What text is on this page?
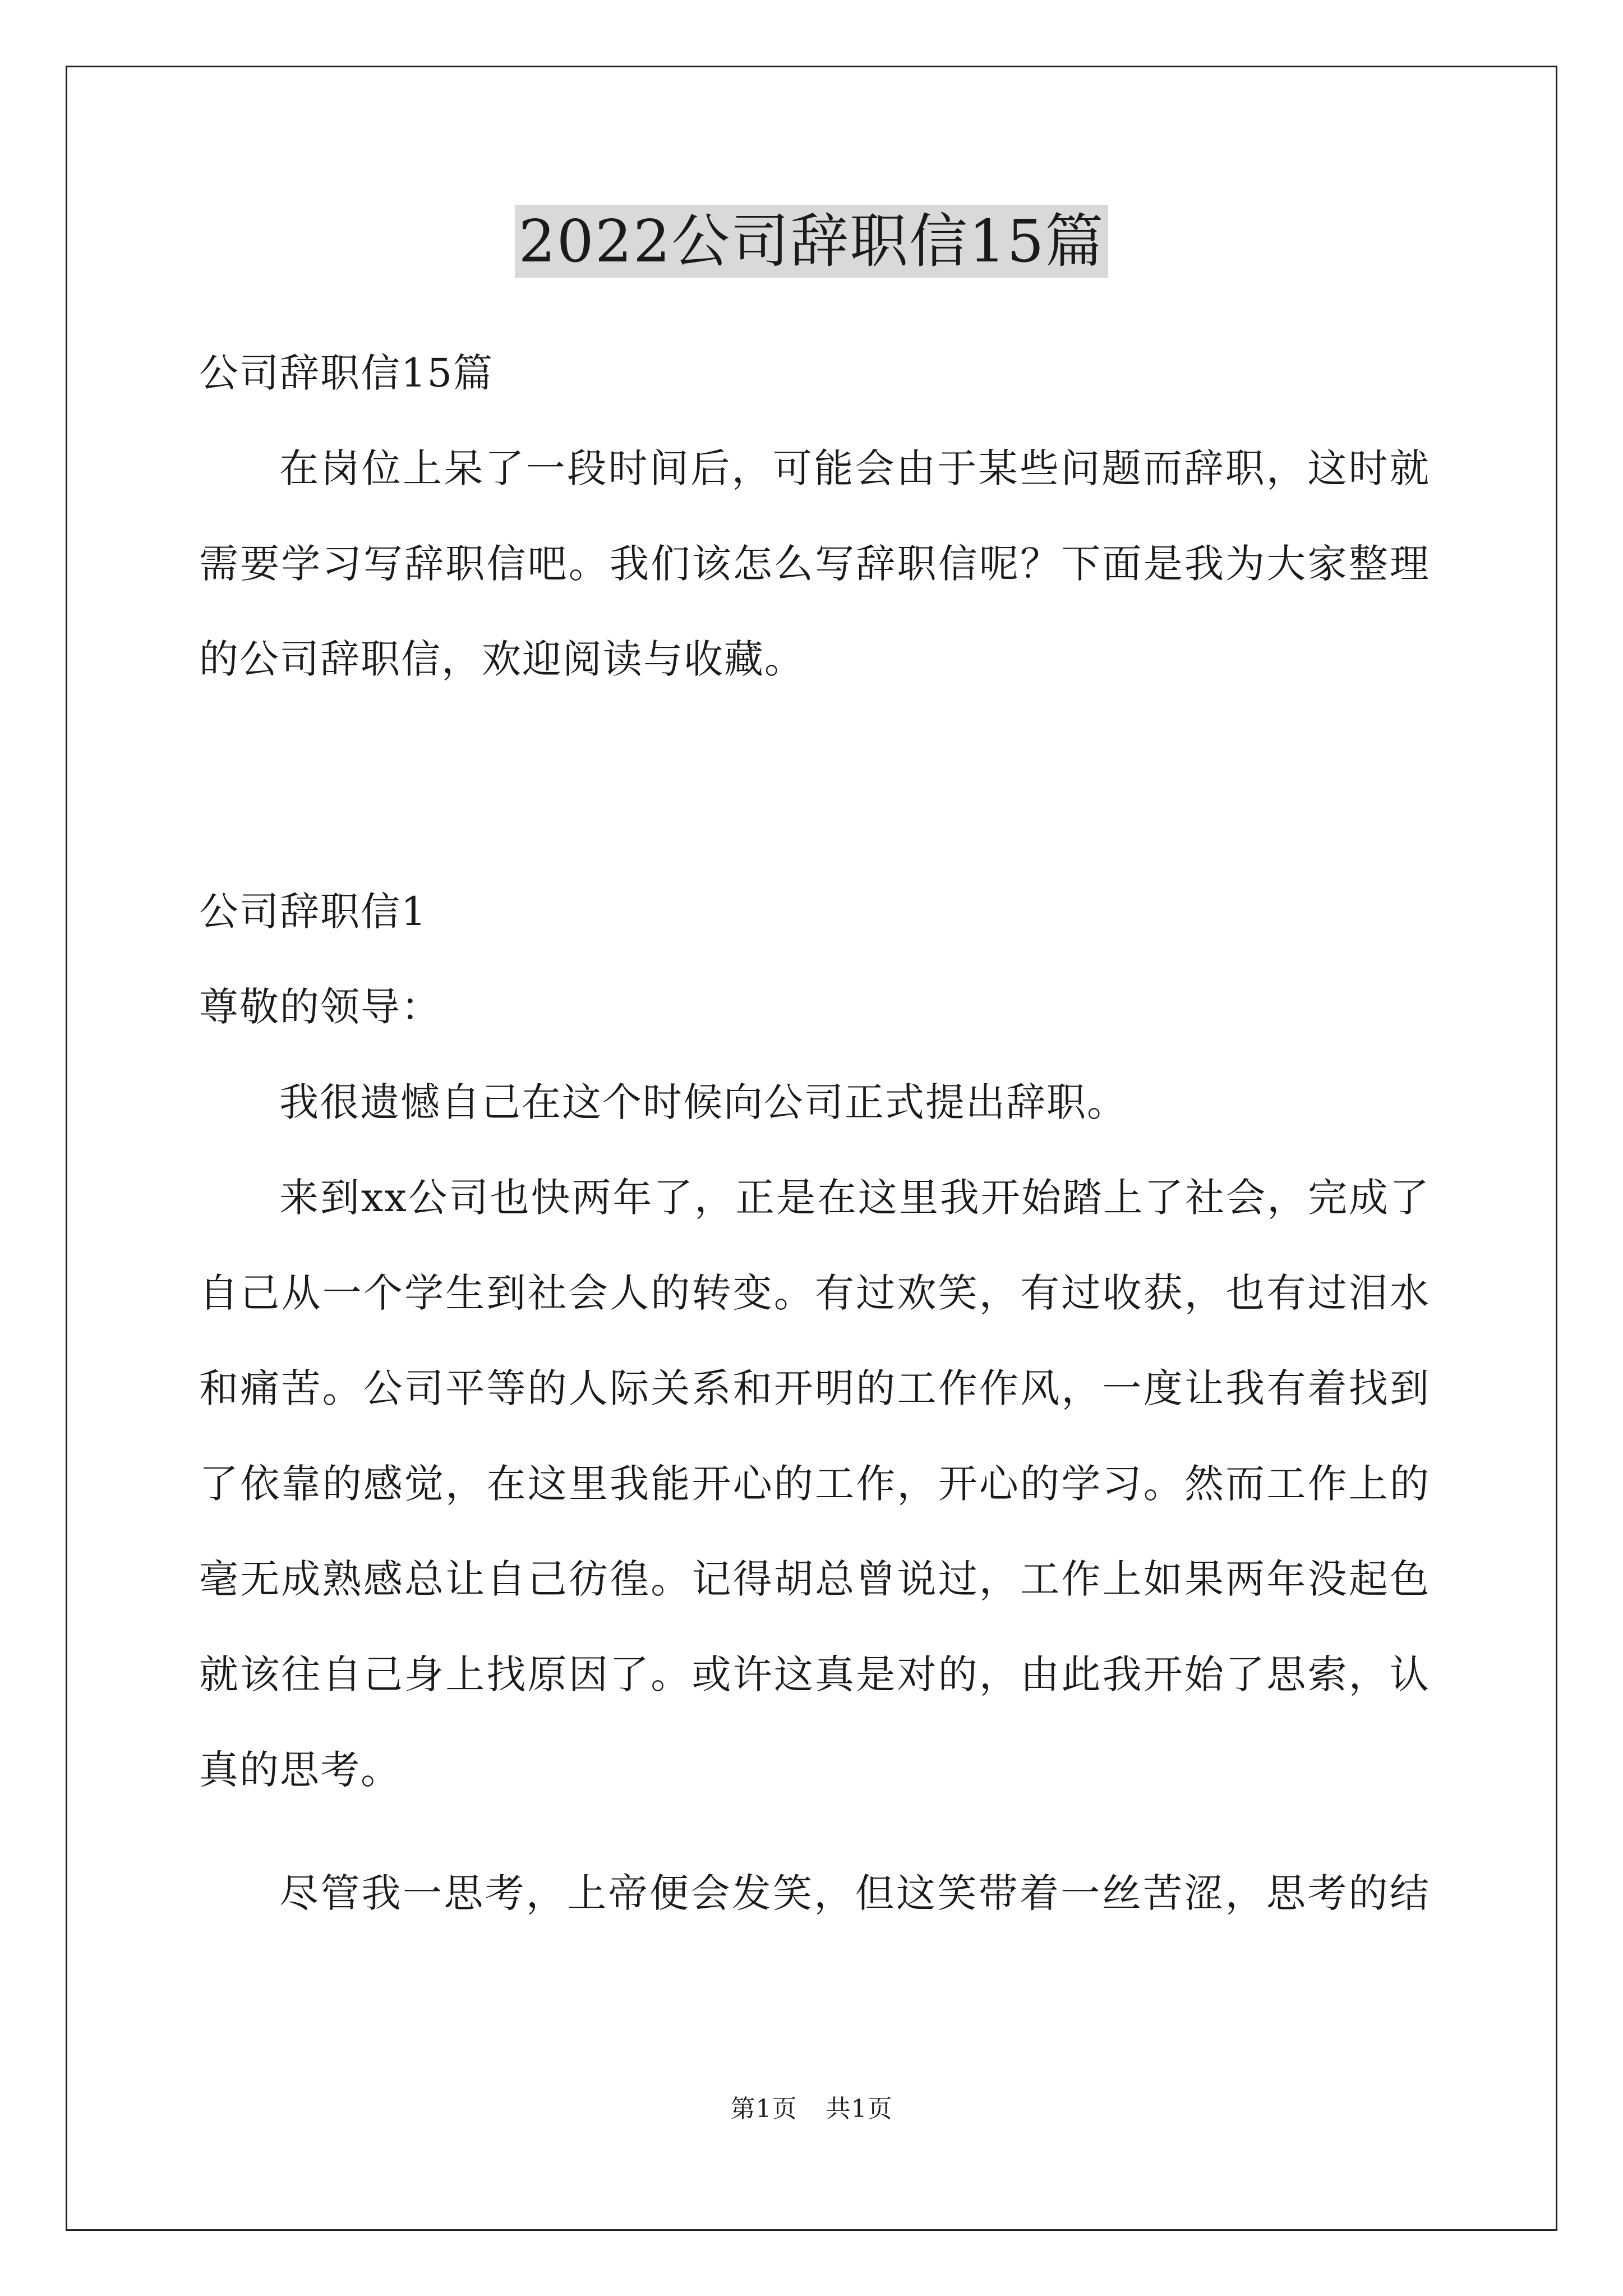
2022公司辞职信15篇
公司辞职信15篇
在岗位上呆了一段时间后，可能会由于某些问题而辞职，这时就
需要学习写辞职信吧。我们该怎么写辞职信呢？下面是我为大家整理
的公司辞职信，欢迎阅读与收藏。
公司辞职信1
尊敬的领导：
我很遗憾自己在这个时候向公司正式提出辞职。
来到xx公司也快两年了，正是在这里我开始踏上了社会，完成了
自己从一个学生到社会人的转变。有过欢笑，有过收获，也有过泪水
和痛苦。公司平等的人际关系和开明的工作作风，一度让我有着找到
了依靠的感觉，在这里我能开心的工作，开心的学习。然而工作上的
毫无成熟感总让自己彷徨。记得胡总曾说过，工作上如果两年没起色
就该往自己身上找原因了。或许这真是对的，由此我开始了思索，认
真的思考。
尽管我一思考，上帝便会发笑，但这笑带着一丝苦涩，思考的结
第1页 共1页
